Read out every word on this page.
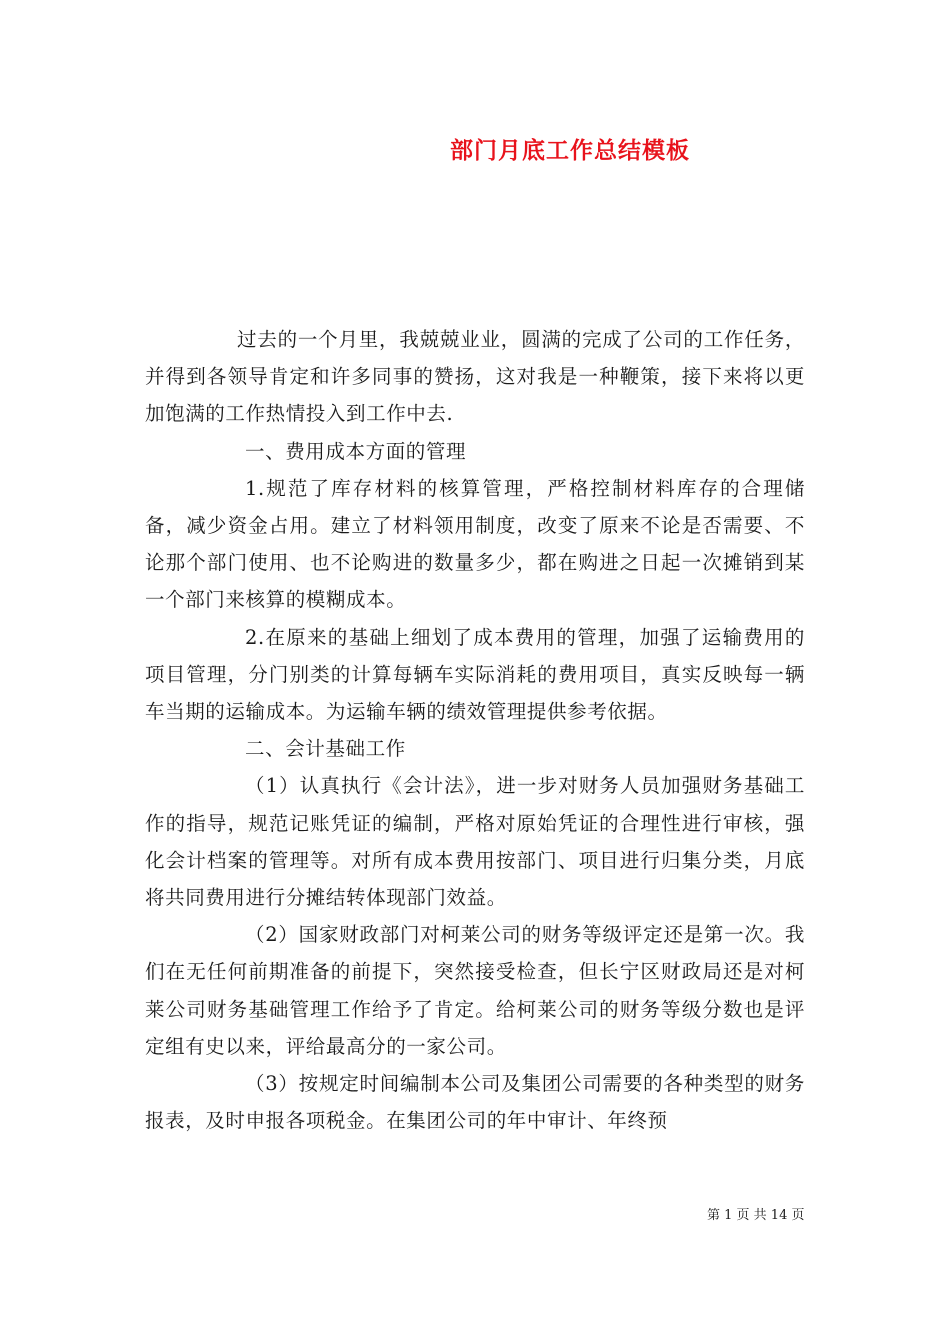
部门月底工作总结模板

过去的一个月里，我兢兢业业，圆满的完成了公司的工作任务，并得到各领导肯定和许多同事的赞扬，这对我是一种鞭策，接下来将以更加饱满的工作热情投入到工作中去.

一、费用成本方面的管理

1.规范了库存材料的核算管理，严格控制材料库存的合理储备，减少资金占用。建立了材料领用制度，改变了原来不论是否需要、不论那个部门使用、也不论购进的数量多少，都在购进之日起一次摊销到某一个部门来核算的模糊成本。

2.在原来的基础上细划了成本费用的管理，加强了运输费用的项目管理，分门别类的计算每辆车实际消耗的费用项目，真实反映每一辆车当期的运输成本。为运输车辆的绩效管理提供参考依据。

二、会计基础工作

（1）认真执行《会计法》，进一步对财务人员加强财务基础工作的指导，规范记账凭证的编制，严格对原始凭证的合理性进行审核，强化会计档案的管理等。对所有成本费用按部门、项目进行归集分类，月底将共同费用进行分摊结转体现部门效益。

（2）国家财政部门对柯莱公司的财务等级评定还是第一次。我们在无任何前期准备的前提下，突然接受检查，但长宁区财政局还是对柯莱公司财务基础管理工作给予了肯定。给柯莱公司的财务等级分数也是评定组有史以来，评给最高分的一家公司。

（3）按规定时间编制本公司及集团公司需要的各种类型的财务报表，及时申报各项税金。在集团公司的年中审计、年终预

第 1 页 共 14 页
